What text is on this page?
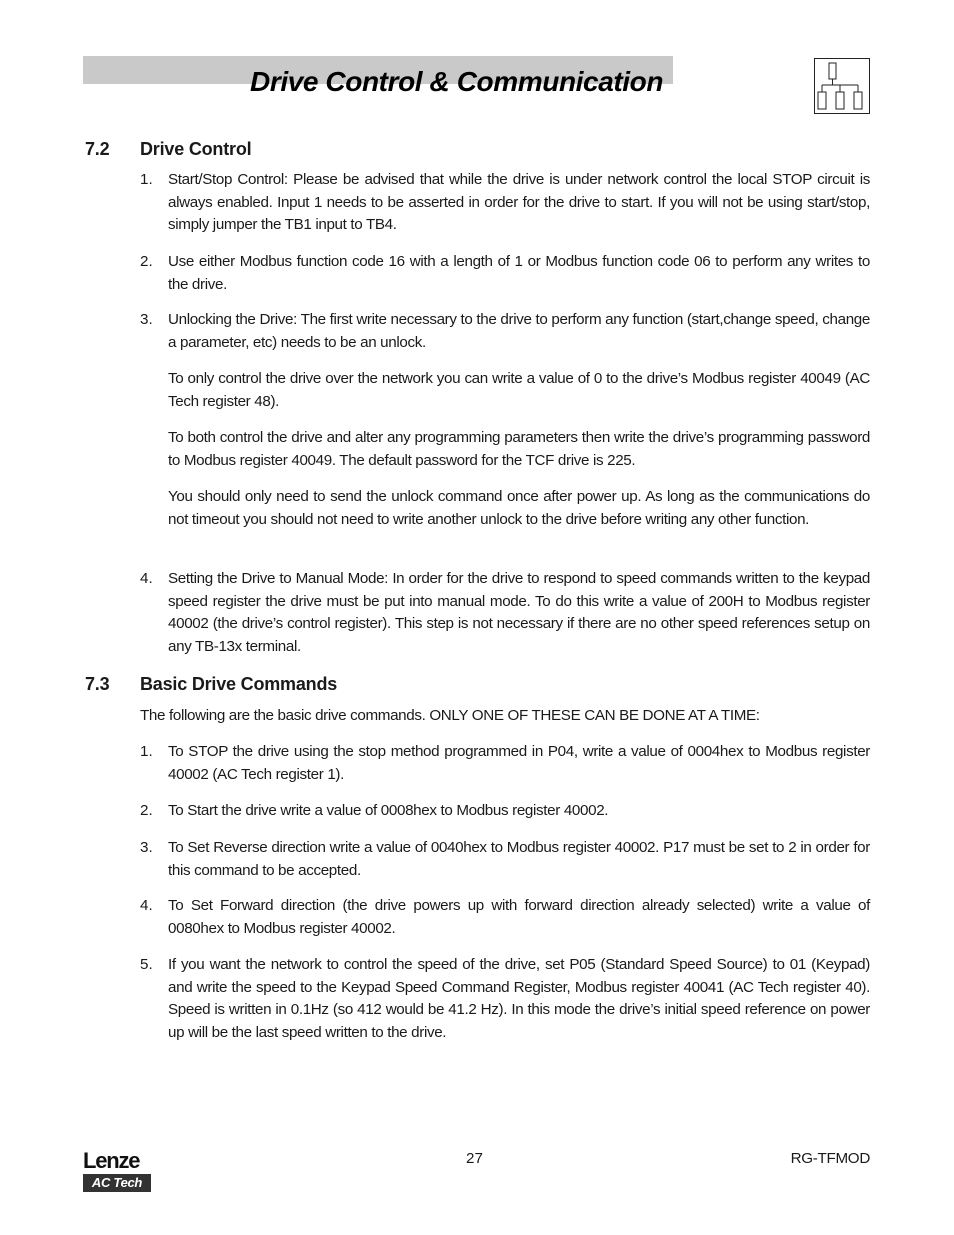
Drive Control & Communication
7.2 Drive Control
1. Start/Stop Control: Please be advised that while the drive is under network control the local STOP circuit is always enabled. Input 1 needs to be asserted in order for the drive to start. If you will not be using start/stop, simply jumper the TB1 input to TB4.
2. Use either Modbus function code 16 with a length of 1 or Modbus function code 06 to perform any writes to the drive.
3. Unlocking the Drive: The first write necessary to the drive to perform any function (start,change speed, change a parameter, etc) needs to be an unlock.
To only control the drive over the network you can write a value of 0 to the drive’s Modbus register 40049 (AC Tech register 48).
To both control the drive and alter any programming parameters then write the drive’s programming password to Modbus register 40049. The default password for the TCF drive is 225.
You should only need to send the unlock command once after power up. As long as the communications do not timeout you should not need to write another unlock to the drive before writing any other function.
4. Setting the Drive to Manual Mode: In order for the drive to respond to speed commands written to the keypad speed register the drive must be put into manual mode. To do this write a value of 200H to Modbus register 40002 (the drive’s control register). This step is not necessary if there are no other speed references setup on any TB-13x terminal.
7.3 Basic Drive Commands
The following are the basic drive commands. ONLY ONE OF THESE CAN BE DONE AT A TIME:
1. To STOP the drive using the stop method programmed in P04, write a value of 0004hex to Modbus register 40002 (AC Tech register 1).
2. To Start the drive write a value of 0008hex to Modbus register 40002.
3. To Set Reverse direction write a value of 0040hex to Modbus register 40002. P17 must be set to 2 in order for this command to be accepted.
4. To Set Forward direction (the drive powers up with forward direction already selected) write a value of 0080hex to Modbus register 40002.
5. If you want the network to control the speed of the drive, set P05 (Standard Speed Source) to 01 (Keypad) and write the speed to the Keypad Speed Command Register, Modbus register 40041 (AC Tech register 40). Speed is written in 0.1Hz (so 412 would be 41.2 Hz). In this mode the drive’s initial speed reference on power up will be the last speed written to the drive.
Lenze
AC Tech
27	RG-TFMOD
